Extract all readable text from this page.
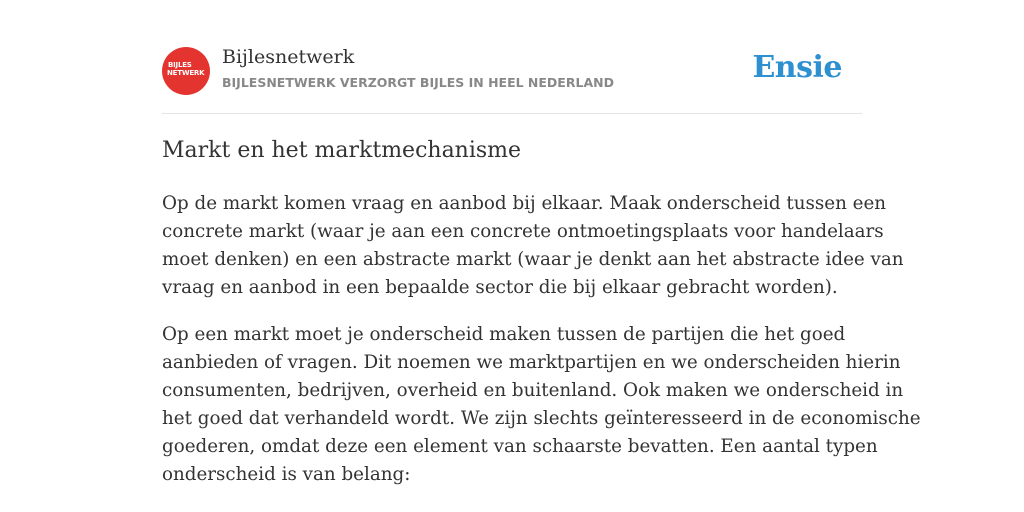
BIJLES
NETWERK
Bijlesnetwerk
BIJLESNETWERK VERZORGT BIJLES IN HEEL NEDERLAND	Ensie
Markt en het marktmechanisme

Op de markt komen vraag en aanbod bij elkaar. Maak onderscheid tussen een
concrete markt (waar je aan een concrete ontmoetingsplaats voor handelaars
moet denken) en een abstracte markt (waar je denkt aan het abstracte idee van
vraag en aanbod in een bepaalde sector die bij elkaar gebracht worden).

Op een markt moet je onderscheid maken tussen de partijen die het goed
aanbieden of vragen. Dit noemen we marktpartijen en we onderscheiden hierin
consumenten, bedrijven, overheid en buitenland. Ook maken we onderscheid in
het goed dat verhandeld wordt. We zijn slechts geïnteresseerd in de economische
goederen, omdat deze een element van schaarste bevatten. Een aantal typen
onderscheid is van belang:
